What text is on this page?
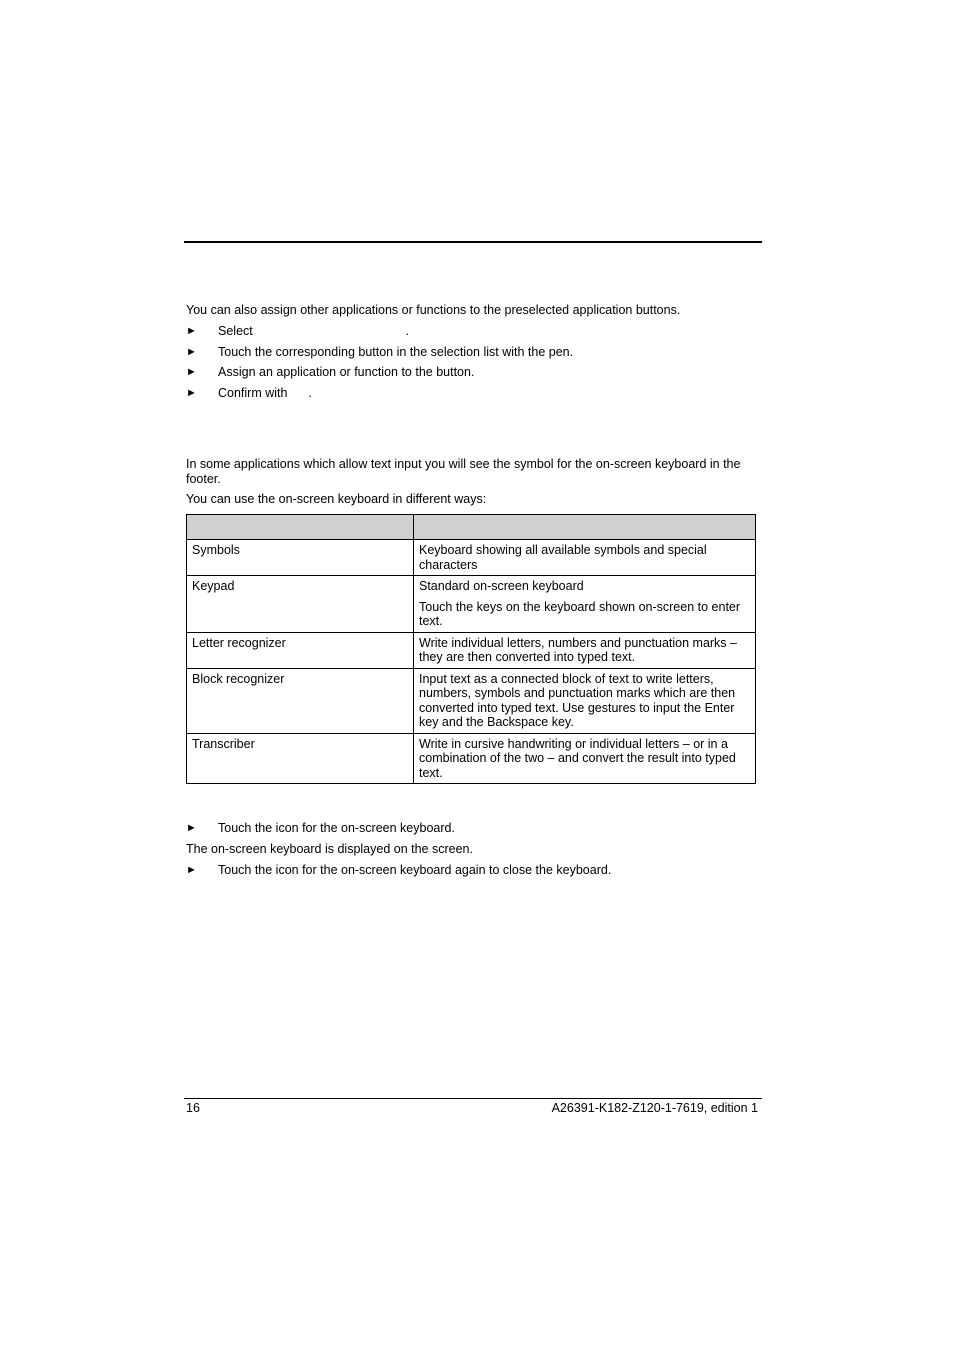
You can also assign other applications or functions to the preselected application buttons.
► Select                                            .
► Touch the corresponding button in the selection list with the pen.
► Assign an application or function to the button.
► Confirm with      .
In some applications which allow text input you will see the symbol for the on-screen keyboard in the footer.
You can use the on-screen keyboard in different ways:

Symbols	Keyboard showing all available symbols and special characters

Keypad	Standard on-screen keyboard

Touch the keys on the keyboard shown on-screen to enter text.

Letter recognizer	Write individual letters, numbers and punctuation marks – they are then converted into typed text.

Block recognizer	Input text as a connected block of text to write letters, numbers, symbols and punctuation marks which are then converted into typed text. Use gestures to input the Enter key and the Backspace key.

Transcriber	Write in cursive handwriting or individual letters – or in a combination of the two – and convert the result into typed text.

► Touch the icon for the on-screen keyboard.
The on-screen keyboard is displayed on the screen.
► Touch the icon for the on-screen keyboard again to close the keyboard.
16	A26391-K182-Z120-1-7619, edition 1
